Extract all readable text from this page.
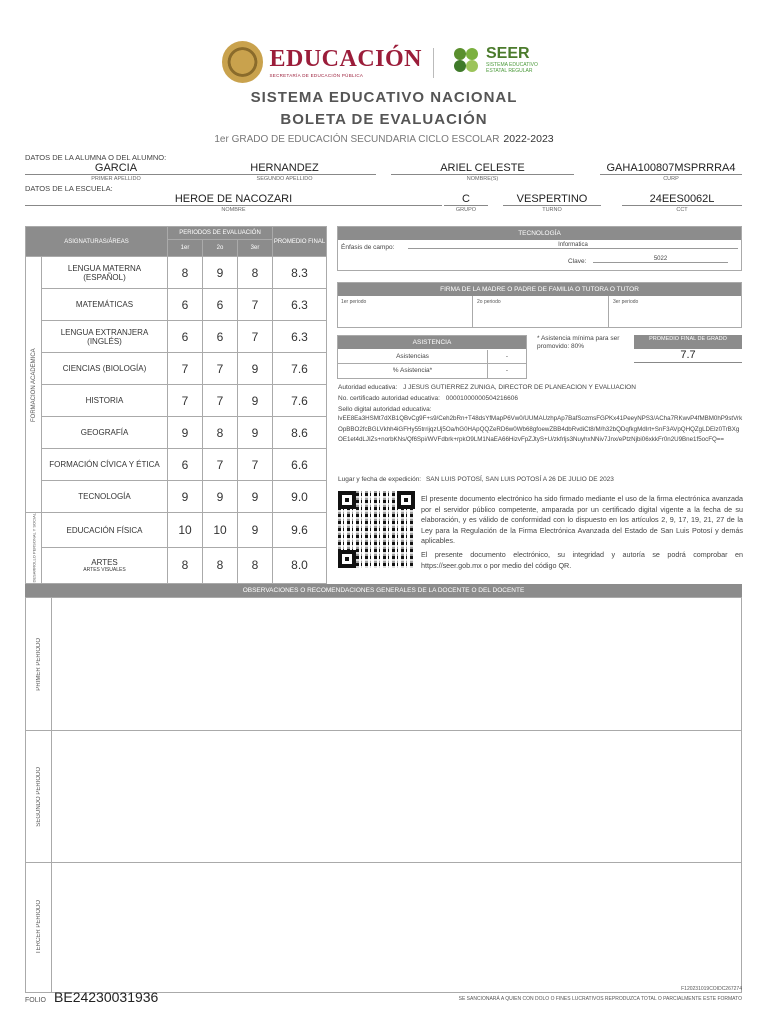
EDUCACIÓN
SECRETARÍA DE EDUCACIÓN PÚBLICA
SEER
SISTEMA EDUCATIVO
ESTATAL REGULAR
SISTEMA EDUCATIVO NACIONAL
BOLETA DE EVALUACIÓN
1er GRADO DE EDUCACIÓN SECUNDARIA CICLO ESCOLAR 2022-2023
DATOS DE LA ALUMNA O DEL ALUMNO:
GARCIA
PRIMER APELLIDO
HERNANDEZ
SEGUNDO APELLIDO
ARIEL CELESTE
NOMBRE(S)
GAHA100807MSPRRRA4
CURP
DATOS DE LA ESCUELA:
HEROE DE NACOZARI
NOMBRE
C
GRUPO
VESPERTINO
TURNO
24EES0062L
CCT
ASIGNATURAS/ÁREAS		PERIODOS DE EVALUACIÓN			PROMEDIO FINAL
		1er	2o	3er	
FORMACIÓN ACADÉMICA	LENGUA MATERNA (ESPAÑOL)	8	9	8	8.3

	MATEMÁTICAS	6	6	7	6.3

	LENGUA EXTRANJERA (INGLÉS)	6	6	7	6.3

	CIENCIAS (BIOLOGÍA)	7	7	9	7.6

	HISTORIA	7	7	9	7.6

	GEOGRAFÍA	9	8	9	8.6

	FORMACIÓN CÍVICA Y ÉTICA	6	7	7	6.6

	TECNOLOGÍA	9	9	9	9.0
DESARROLLO PERSONAL Y SOCIAL	EDUCACIÓN FÍSICA	10	10	9	9.6

	ARTES
ARTES VISUALES	8	8	8	8.0
TECNOLOGÍA
Énfasis de campo:	Informatica
Clave:	5022
FIRMA DE LA MADRE O PADRE DE FAMILIA O TUTORA O TUTOR
1er periodo	2o periodo	3er periodo
ASISTENCIA
Asistencias	-
% Asistencia*	-
* Asistencia mínima para ser promovido: 80%
PROMEDIO FINAL DE GRADO
7.7
Autoridad educativa: J JESUS GUTIERREZ ZUNIGA, DIRECTOR DE PLANEACION Y EVALUACION
No. certificado autoridad educativa: 00001000000504216606
Sello digital autoridad educativa:
lvEE8Ea3HSMt7dXB1QBvCg9F+s9/Ceh2bRn+T48dsYfMapP6Vw0/UUMAUzhpAp7BafSozmsFGPKx41PeeyNPS3/ACha7RKwvP4fMBM0hP9stVrkOpBBO2fcBGLVkhh4iGFHy55trrijqzUj5Oa/hG0HApQQZeRD6w0Wb68gfoewZBB4dbRvdiCt8/M/h32bQDqfkgMdIrt+SnF3AVpQHQZgLDElz0TrBXgOE1et4dLJIZs+norbKNs/Qf6Spi/WVFdbrk+rpkO9LM1NaEA66HizvFpZJtyS+U/zkfrljs3NuyhxNNiv7Jnx/ePtzNjbi06xkkFr0n2U9Bne1f5ocFQ==
Lugar y fecha de expedición: SAN LUIS POTOSÍ, SAN LUIS POTOSÍ A 26 DE JULIO DE 2023
El presente documento electrónico ha sido firmado mediante el uso de la firma electrónica avanzada por el servidor público competente, amparada por un certificado digital vigente a la fecha de su elaboración, y es válido de conformidad con lo dispuesto en los artículos 2, 9, 17, 19, 21, 27 de la Ley para la Regulación de la Firma Electrónica Avanzada del Estado de San Luis Potosí y demás aplicables.
El presente documento electrónico, su integridad y autoría se podrá comprobar en https://seer.gob.mx o por medio del código QR.
OBSERVACIONES O RECOMENDACIONES GENERALES DE LA DOCENTE O DEL DOCENTE
PRIMER PERIODO
SEGUNDO PERIODO
TERCER PERIODO
FOLIO BE24230031936	F120231019COIDC267274
SE SANCIONARÁ A QUIEN CON DOLO O FINES LUCRATIVOS REPRODUZCA TOTAL O PARCIALMENTE ESTE FORMATO
